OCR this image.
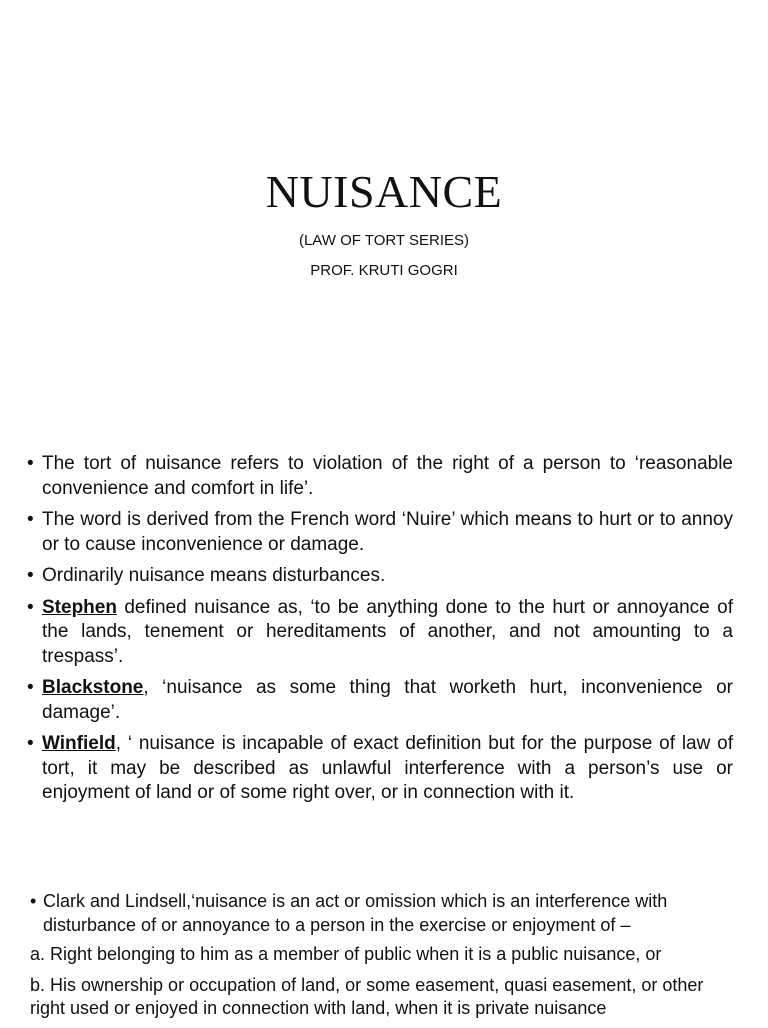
NUISANCE
(LAW OF TORT SERIES)
PROF. KRUTI GOGRI
• The tort of nuisance refers to violation of the right of a person to ‘reasonable convenience and comfort in life’.
• The word is derived from the French word ‘Nuire’ which means to hurt or to annoy or to cause inconvenience or damage.
• Ordinarily nuisance means disturbances.
• Stephen defined nuisance as, ‘to be anything done to the hurt or annoyance of the lands, tenement or hereditaments of another, and not amounting to a trespass’.
• Blackstone, ‘nuisance as some thing that worketh hurt, inconvenience or damage’.
• Winfield, ‘ nuisance is incapable of exact definition but for the purpose of law of tort, it may be described as unlawful interference with a person’s use or enjoyment of land or of some right over, or in connection with it.
• Clark and Lindsell,‘nuisance is an act or omission which is an interference with disturbance of or annoyance to a person in the exercise or enjoyment of –
a. Right belonging to him as a member of public when it is a public nuisance, or
b. His ownership or occupation of land, or some easement, quasi easement, or other right used or enjoyed in connection with land, when it is private nuisance
